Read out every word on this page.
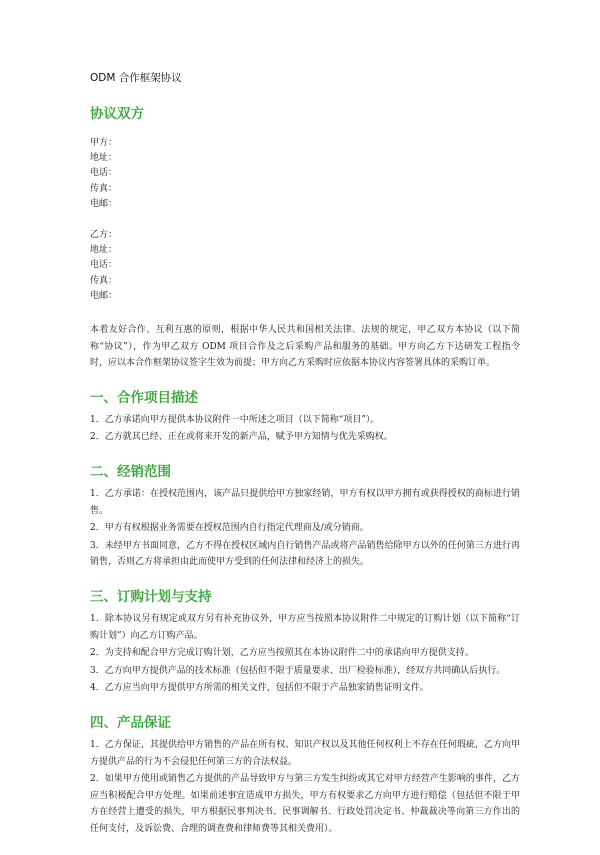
ODM 合作框架协议

协议双方

甲方：

地址：

电话：

传真：

电邮：

乙方：

地址：

电话：

传真：

电邮：

本着友好合作、互利互惠的原则，根据中华人民共和国相关法律、法规的规定，甲乙双方本协议（以下简称“协议”），作为甲乙双方 ODM 项目合作及之后采购产品和服务的基础。甲方向乙方下达研发工程指令时，应以本合作框架协议签字生效为前提；甲方向乙方采购时应依据本协议内容签署具体的采购订单。

一、合作项目描述

1．乙方承诺向甲方提供本协议附件一中所述之项目（以下简称“项目”）。

2．乙方就其已经、正在或将来开发的新产品，赋予甲方知情与优先采购权。

二、经销范围

1．乙方承诺：在授权范围内，该产品只提供给甲方独家经销，甲方有权以甲方拥有或获得授权的商标进行销售。

2．甲方有权根据业务需要在授权范围内自行指定代理商及/或分销商。

3．未经甲方书面同意，乙方不得在授权区域内自行销售产品或将产品销售给除甲方以外的任何第三方进行再销售，否则乙方将承担由此而使甲方受到的任何法律和经济上的损失。

三、订购计划与支持

1．除本协议另有规定或双方另有补充协议外，甲方应当按照本协议附件二中规定的订购计划（以下简称“订购计划”）向乙方订购产品。

2．为支持和配合甲方完成订购计划，乙方应当按照其在本协议附件二中的承诺向甲方提供支持。

3．乙方向甲方提供产品的技术标准（包括但不限于质量要求、出厂检验标准），经双方共同确认后执行。

4．乙方应当向甲方提供甲方所需的相关文件，包括但不限于产品独家销售证明文件。

四、产品保证

1．乙方保证，其提供给甲方销售的产品在所有权、知识产权以及其他任何权利上不存在任何瑕疵，乙方向甲方提供产品的行为不会侵犯任何第三方的合法权益。

2．如果甲方使用或销售乙方提供的产品导致甲方与第三方发生纠纷或其它对甲方经营产生影响的事件，乙方应当积极配合甲方处理。如果前述事宜造成甲方损失，甲方有权要求乙方向甲方进行赔偿（包括但不限于甲方在经营上遭受的损失，甲方根据民事判决书、民事调解书、行政处罚决定书、仲裁裁决等向第三方作出的任何支付，及诉讼费、合理的调查费和律师费等其相关费用）。
